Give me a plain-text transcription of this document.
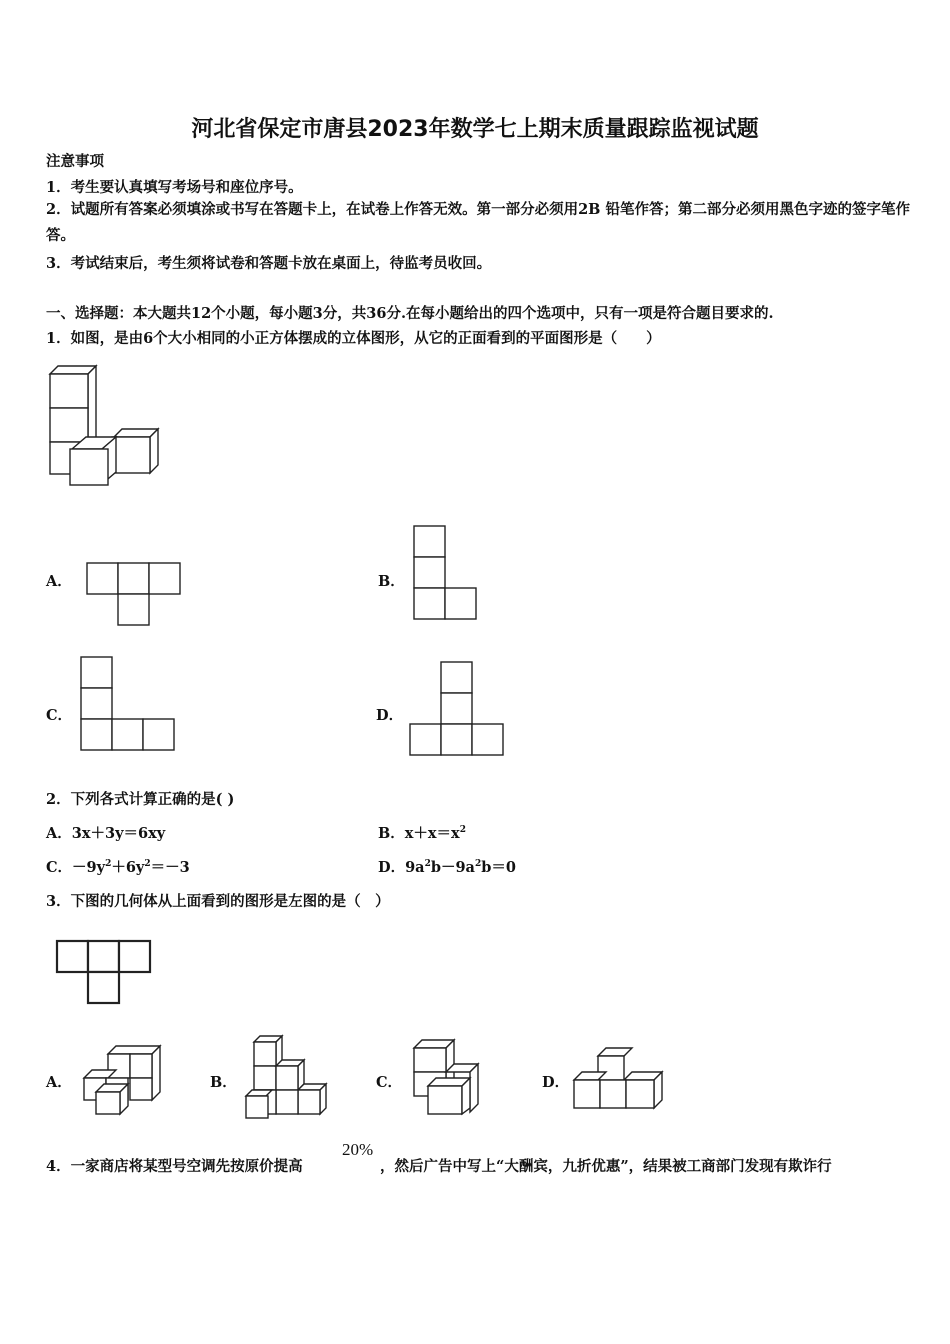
河北省保定市唐县2023年数学七上期末质量跟踪监视试题
注意事项
1．考生要认真填写考场号和座位序号。
2．试题所有答案必须填涂或书写在答题卡上，在试卷上作答无效。第一部分必须用2B 铅笔作答；第二部分必须用黑色字迹的签字笔作答。
3．考试结束后，考生须将试卷和答题卡放在桌面上，待监考员收回。
一、选择题：本大题共12个小题，每小题3分，共36分.在每小题给出的四个选项中，只有一项是符合题目要求的.
1．如图，是由6个大小相同的小正方体摆成的立体图形，从它的正面看到的平面图形是（　　）
A．	B．
C．	D．
2．下列各式计算正确的是( )
A．3x＋3y＝6xy	B．$x+x=x^2$
C．$-9y^2+6y^2=-3$	D．$9a^2b-9a^2b=0$
3．下图的几何体从上面看到的图形是左图的是（　）
A．	B．	C．	D．
4．一家商店将某型号空调先按原价提高
20%
，然后广告中写上“大酬宾，九折优惠”，结果被工商部门发现有欺诈行
